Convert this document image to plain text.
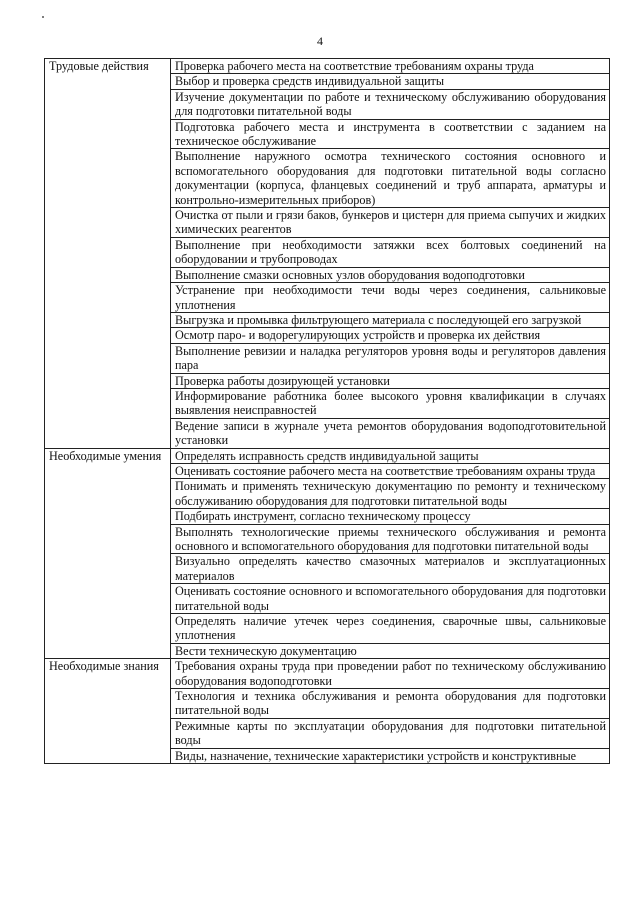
4
Трудовые действия	Проверка рабочего места на соответствие требованиям охраны труда
	Выбор и проверка средств индивидуальной защиты
	Изучение документации по работе и техническому обслуживанию оборудования для подготовки питательной воды
	Подготовка рабочего места и инструмента в соответствии с заданием на техническое обслуживание
	Выполнение наружного осмотра технического состояния основного и вспомогательного оборудования для подготовки питательной воды согласно документации (корпуса, фланцевых соединений и труб аппарата, арматуры и контрольно-измерительных приборов)
	Очистка от пыли и грязи баков, бункеров и цистерн для приема сыпучих и жидких химических реагентов
	Выполнение при необходимости затяжки всех болтовых соединений на оборудовании и трубопроводах
	Выполнение смазки основных узлов оборудования водоподготовки
	Устранение при необходимости течи воды через соединения, сальниковые уплотнения
	Выгрузка и промывка фильтрующего материала с последующей его загрузкой
	Осмотр паро- и водорегулирующих устройств и проверка их действия
	Выполнение ревизии и наладка регуляторов уровня воды и регуляторов давления пара
	Проверка работы дозирующей установки
	Информирование работника более высокого уровня квалификации в случаях выявления неисправностей
	Ведение записи в журнале учета ремонтов оборудования водоподготовительной установки
Необходимые умения	Определять исправность средств индивидуальной защиты
	Оценивать состояние рабочего места на соответствие требованиям охраны труда
	Понимать и применять техническую документацию по ремонту и техническому обслуживанию оборудования для подготовки питательной воды
	Подбирать инструмент, согласно техническому процессу
	Выполнять технологические приемы технического обслуживания и ремонта основного и вспомогательного оборудования для подготовки питательной воды
	Визуально определять качество смазочных материалов и эксплуатационных материалов
	Оценивать состояние основного и вспомогательного оборудования для подготовки питательной воды
	Определять наличие утечек через соединения, сварочные швы, сальниковые уплотнения
	Вести техническую документацию
Необходимые знания	Требования охраны труда при проведении работ по техническому обслуживанию оборудования водоподготовки
	Технология и техника обслуживания и ремонта оборудования для подготовки питательной воды
	Режимные карты по эксплуатации оборудования для подготовки питательной воды
	Виды, назначение, технические характеристики устройств и конструктивные
